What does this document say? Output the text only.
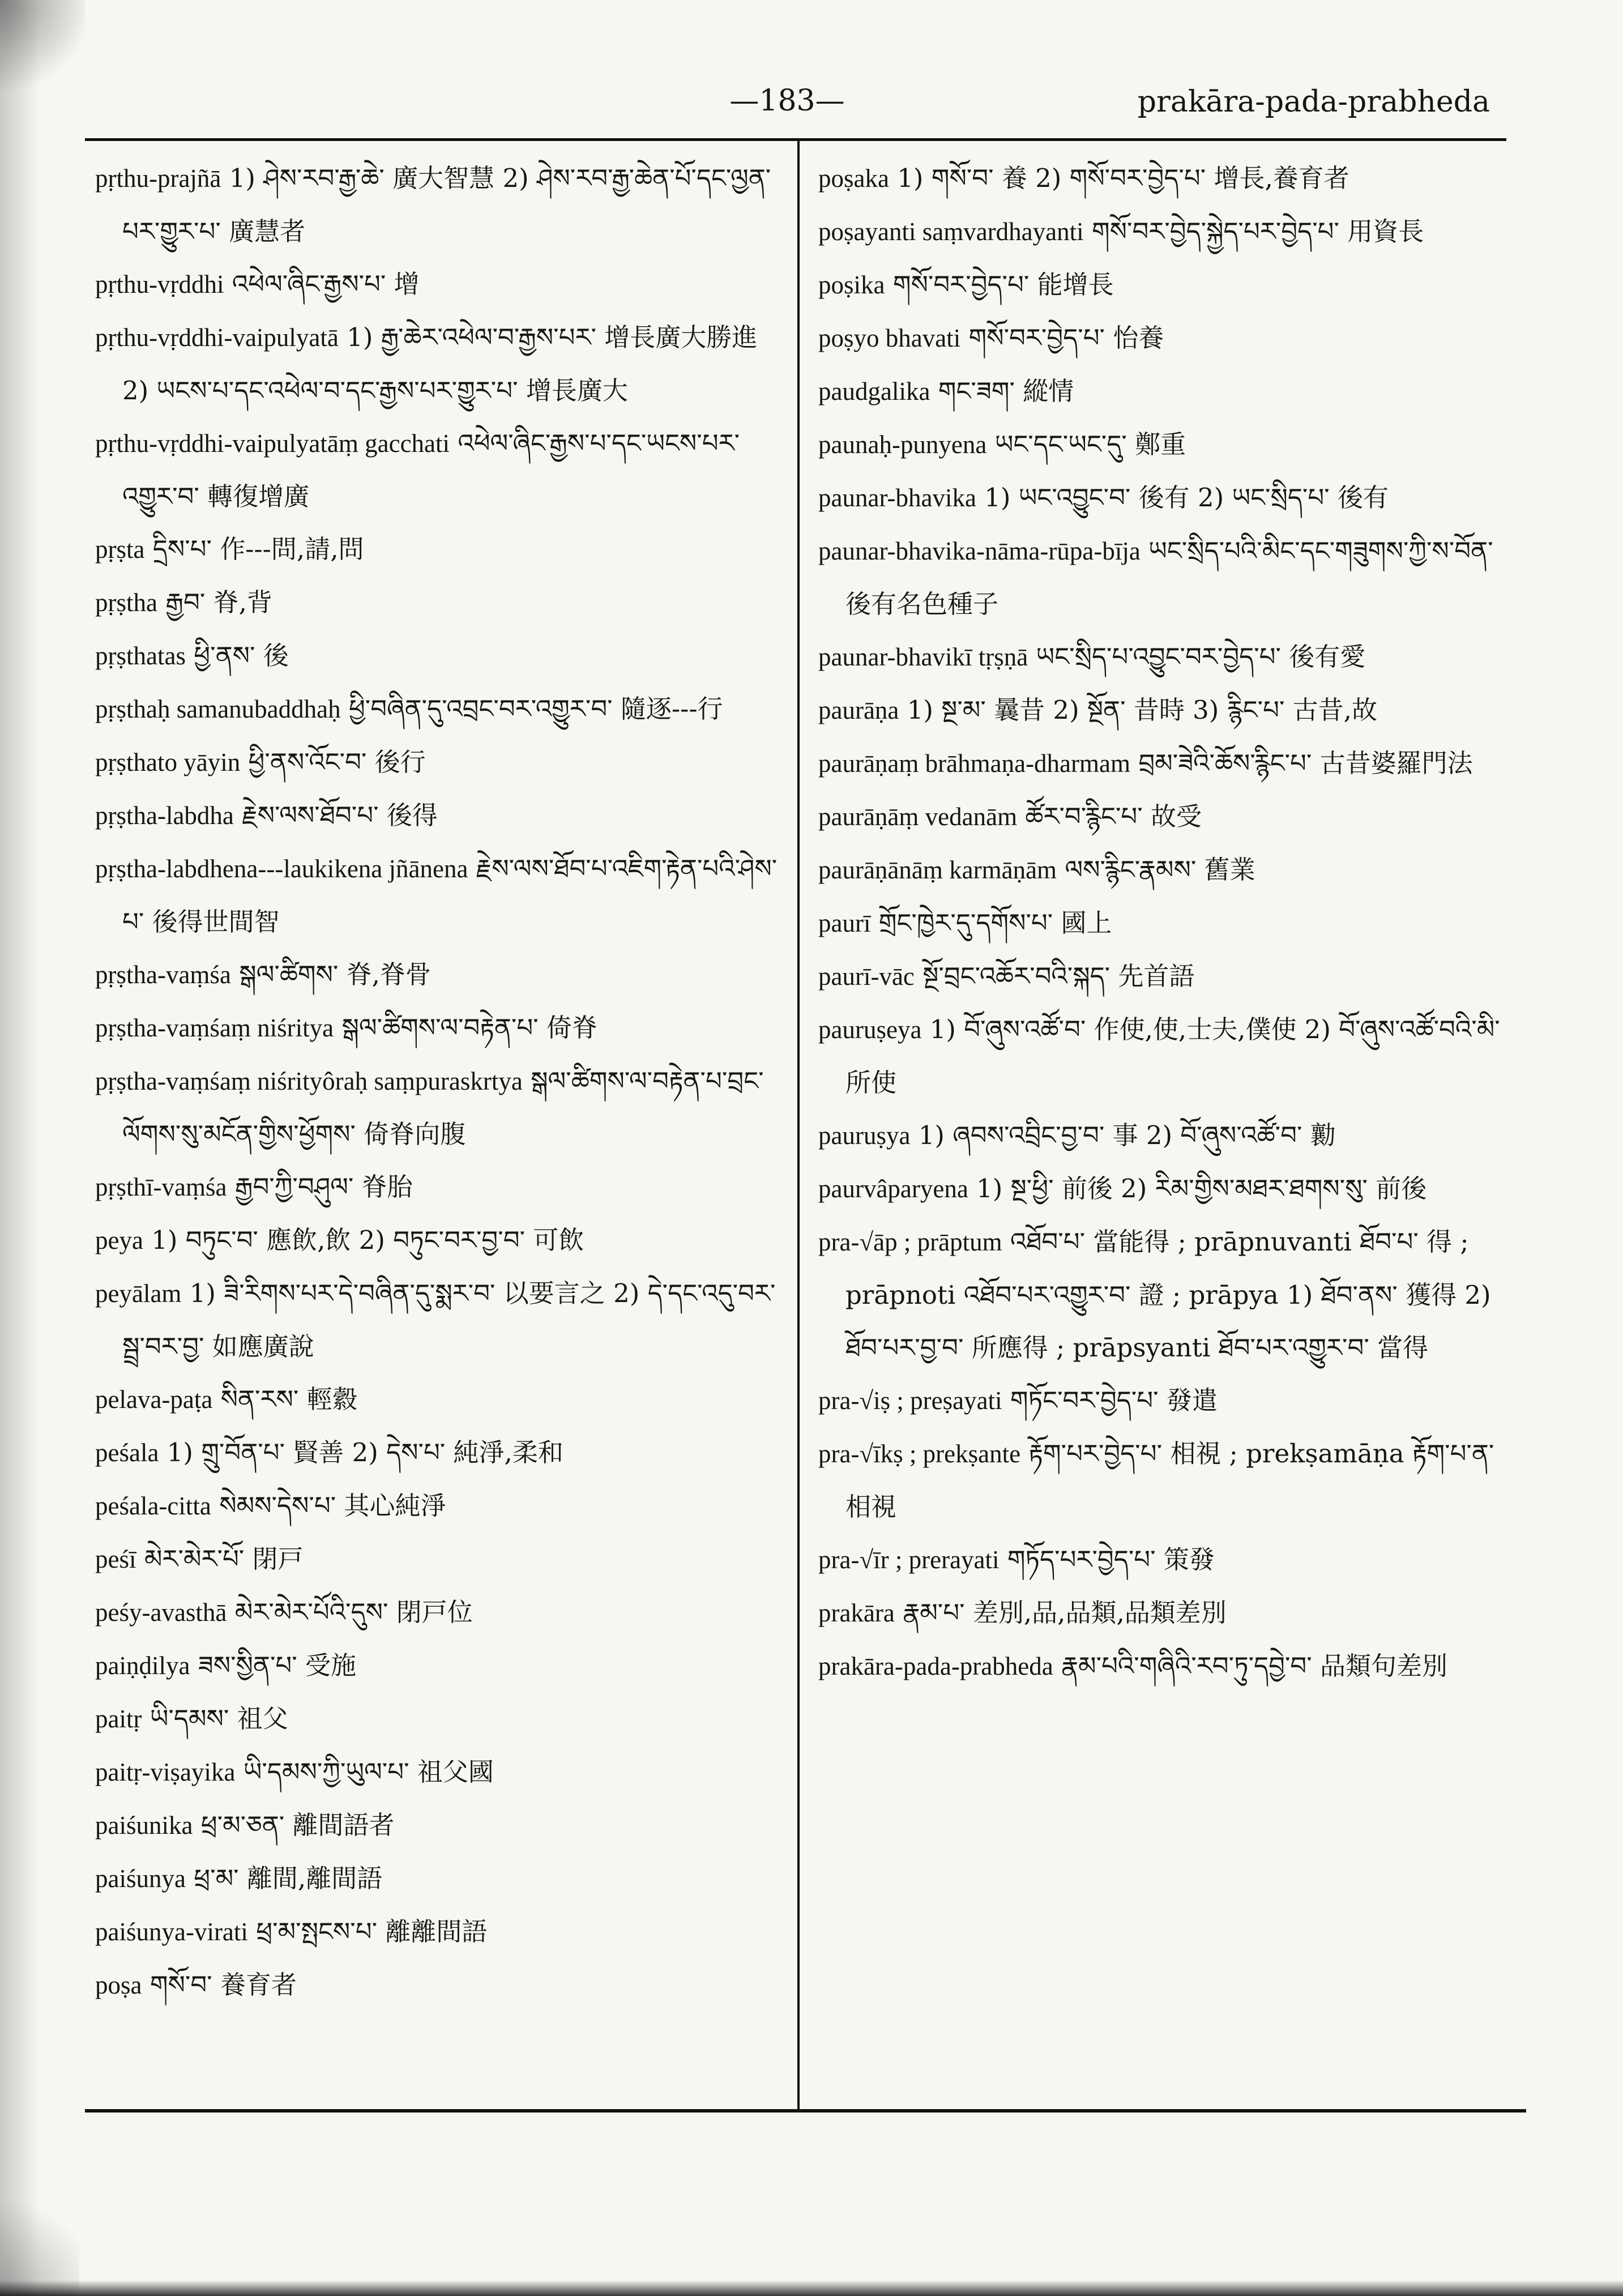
—183—	prakāra-pada-prabheda
pṛthu-prajñā 1) ཤེས་རབ་རྒྱ་ཆེ་ 廣大智慧 2) ཤེས་རབ་རྒྱ་ཆེན་པོ་དང་ལྱན་པར་གྱུར་པ་ 廣慧者
pṛthu-vṛddhi འཕེལ་ཞིང་རྒྱས་པ་ 增
pṛthu-vṛddhi-vaipulyatā 1) རྒྱ་ཆེར་འཕེལ་བ་རྒྱས་པར་ 增長廣大勝進 2) ཡངས་པ་དང་འཕེལ་བ་དང་རྒྱས་པར་གྱུར་པ་ 增長廣大
pṛthu-vṛddhi-vaipulyatāṃ gacchati འཕེལ་ཞིང་རྒྱས་པ་དང་ཡངས་པར་འགྱུར་བ་ 轉復增廣
pṛṣta དྲིས་པ་ 作---問,請,問
pṛṣtha རྒྱབ་ 脊,背
pṛṣthatas ཕྱི་ནས་ 後
pṛṣthaḥ samanubaddhaḥ ཕྱི་བཞིན་དུ་འབྲང་བར་འགྱུར་བ་ 隨逐---行
pṛṣthato yāyin ཕྱི་ནས་འོང་བ་ 後行
pṛṣtha-labdha རྗེས་ལས་ཐོབ་པ་ 後得
pṛṣtha-labdhena---laukikena jñānena རྗེས་ལས་ཐོབ་པ་འཇིག་རྟེན་པའི་ཤེས་པ་ 後得世間智
pṛṣtha-vaṃśa སྒལ་ཚིགས་ 脊,脊骨
pṛṣtha-vaṃśaṃ niśritya སྒལ་ཚིགས་ལ་བརྟེན་པ་ 倚脊
pṛṣtha-vaṃśaṃ niśrityôraḥ saṃpuraskrtya སྒལ་ཚིགས་ལ་བརྟེན་པ་བྲང་ལོགས་སུ་མངོན་གྱིས་ཕྱོགས་ 倚脊向腹
pṛṣthī-vaṃśa རྒྱབ་ཀྱི་བཤུལ་ 脊胎
peya 1) བཏུང་བ་ 應飲,飲 2) བཏུང་བར་བྱ་བ་ 可飲
peyālam 1) ཟི་རིགས་པར་དེ་བཞིན་དུ་སྨར་བ་ 以要言之 2) དེ་དང་འདུ་བར་སྦྲ་བར་བྱ་ 如應廣說
pelava-paṭa སིན་རས་ 輕縠
peśala 1) གྲུ་བོན་པ་ 賢善 2) དེས་པ་ 純淨,柔和
peśala-citta སེམས་དེས་པ་ 其心純淨
peśī མེར་མེར་པོ་ 閉戸
peśy-avasthā མེར་མེར་པོའི་དུས་ 閉戸位
paiṇḍilya ཟས་སྱིན་པ་ 受施
paitṛ ཡི་དམས་ 祖父
paitṛ-viṣayika ཡི་དམས་ཀྱི་ཡུལ་པ་ 祖父國
paiśunika ཕྲ་མ་ཅན་ 離間語者
paiśunya ཕྲ་མ་ 離間,離間語
paiśunya-virati ཕྲ་མ་སྤངས་པ་ 離離間語
poṣa གསོ་བ་ 養育者
poṣaka 1) གསོ་བ་ 養 2) གསོ་བར་བྱེད་པ་ 增長,養育者
poṣayanti saṃvardhayanti གསོ་བར་བྱེད་སྐྱེད་པར་བྱེད་པ་ 用資長
poṣika གསོ་བར་བྱེད་པ་ 能增長
poṣyo bhavati གསོ་བར་བྱེད་པ་ 怡養
paudgalika གང་ཟག་ 縱情
paunaḥ-punyena ཡང་དང་ཡང་དུ་ 鄭重
paunar-bhavika 1) ཡང་འབྱུང་བ་ 後有 2) ཡང་སྲིད་པ་ 後有
paunar-bhavika-nāma-rūpa-bīja ཡང་སྲིད་པའི་མིང་དང་གཟུགས་ཀྱི་ས་བོན་ 後有名色種子
paunar-bhavikī tṛṣṇā ཡང་སྲིད་པ་འབྱུང་བར་བྱེད་པ་ 後有愛
paurāṇa 1) སྔ་མ་ 曩昔 2) སྔོན་ 昔時 3) རྙིང་པ་ 古昔,故
paurāṇaṃ brāhmaṇa-dharmam བྲམ་ཟེའི་ཆོས་རྙིང་པ་ 古昔婆羅門法
paurāṇāṃ vedanām ཚོར་བ་རྙིང་པ་ 故受
paurāṇānāṃ karmāṇām ལས་རྙིང་རྣམས་ 舊業
paurī གྲོང་ཁྱེར་དུ་དགོས་པ་ 國上
paurī-vāc སྔོ་བྲང་འཆོར་བའི་སྐད་ 先首語
pauruṣeya 1) བོ་ཞུས་འཚོ་བ་ 作使,使,士夫,僕使 2) བོ་ཞུས་འཚོ་བའི་མི་ 所使
pauruṣya 1) ཞབས་འབྲིང་བྱ་བ་ 事 2) བོ་ཞུས་འཚོ་བ་ 勷
paurvâparyena 1) སྔ་ཕྱི་ 前後 2) རིམ་གྱིས་མཐར་ཐགས་སུ་ 前後
pra-√āp ; prāptum འཐོབ་པ་ 當能得 ; prāpnuvanti ཐོབ་པ་ 得 ; prāpnoti འཐོབ་པར་འགྱུར་བ་ 證 ; prāpya 1) ཐོབ་ནས་ 獲得 2) ཐོབ་པར་བྱ་བ་ 所應得 ; prāpsyanti ཐོབ་པར་འགྱུར་བ་ 當得
pra-√iṣ ; preṣayati གཏོང་བར་བྱེད་པ་ 發遣
pra-√īkṣ ; prekṣante རྟོག་པར་བྱེད་པ་ 相視 ; prekṣamāṇa རྟོག་པ་ན་ 相視
pra-√īr ; prerayati གཏོད་པར་བྱེད་པ་ 策發
prakāra རྣམ་པ་ 差別,品,品類,品類差別
prakāra-pada-prabheda རྣམ་པའི་གཞིའི་རབ་ཏུ་དབྱེ་བ་ 品類句差別
